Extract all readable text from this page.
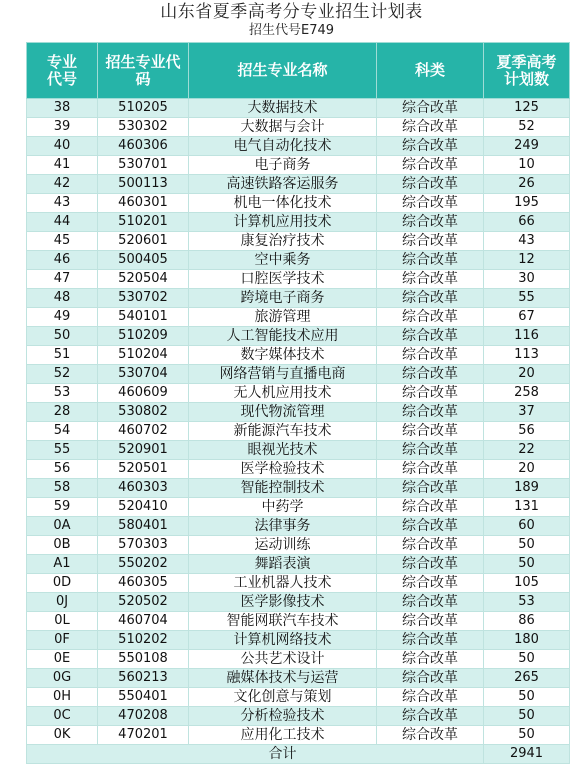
山东省夏季高考分专业招生计划表
招生代号E749
专业代号	招生专业代码	招生专业名称	科类	夏季高考计划数

38	510205	大数据技术	综合改革	125
39	530302	大数据与会计	综合改革	52
40	460306	电气自动化技术	综合改革	249
41	530701	电子商务	综合改革	10
42	500113	高速铁路客运服务	综合改革	26
43	460301	机电一体化技术	综合改革	195
44	510201	计算机应用技术	综合改革	66
45	520601	康复治疗技术	综合改革	43
46	500405	空中乘务	综合改革	12
47	520504	口腔医学技术	综合改革	30
48	530702	跨境电子商务	综合改革	55
49	540101	旅游管理	综合改革	67
50	510209	人工智能技术应用	综合改革	116
51	510204	数字媒体技术	综合改革	113
52	530704	网络营销与直播电商	综合改革	20
53	460609	无人机应用技术	综合改革	258
28	530802	现代物流管理	综合改革	37
54	460702	新能源汽车技术	综合改革	56
55	520901	眼视光技术	综合改革	22
56	520501	医学检验技术	综合改革	20
58	460303	智能控制技术	综合改革	189
59	520410	中药学	综合改革	131
0A	580401	法律事务	综合改革	60
0B	570303	运动训练	综合改革	50
A1	550202	舞蹈表演	综合改革	50
0D	460305	工业机器人技术	综合改革	105
0J	520502	医学影像技术	综合改革	53
0L	460704	智能网联汽车技术	综合改革	86
0F	510202	计算机网络技术	综合改革	180
0E	550108	公共艺术设计	综合改革	50
0G	560213	融媒体技术与运营	综合改革	265
0H	550401	文化创意与策划	综合改革	50
0C	470208	分析检验技术	综合改革	50
0K	470201	应用化工技术	综合改革	50
		合计		2941
